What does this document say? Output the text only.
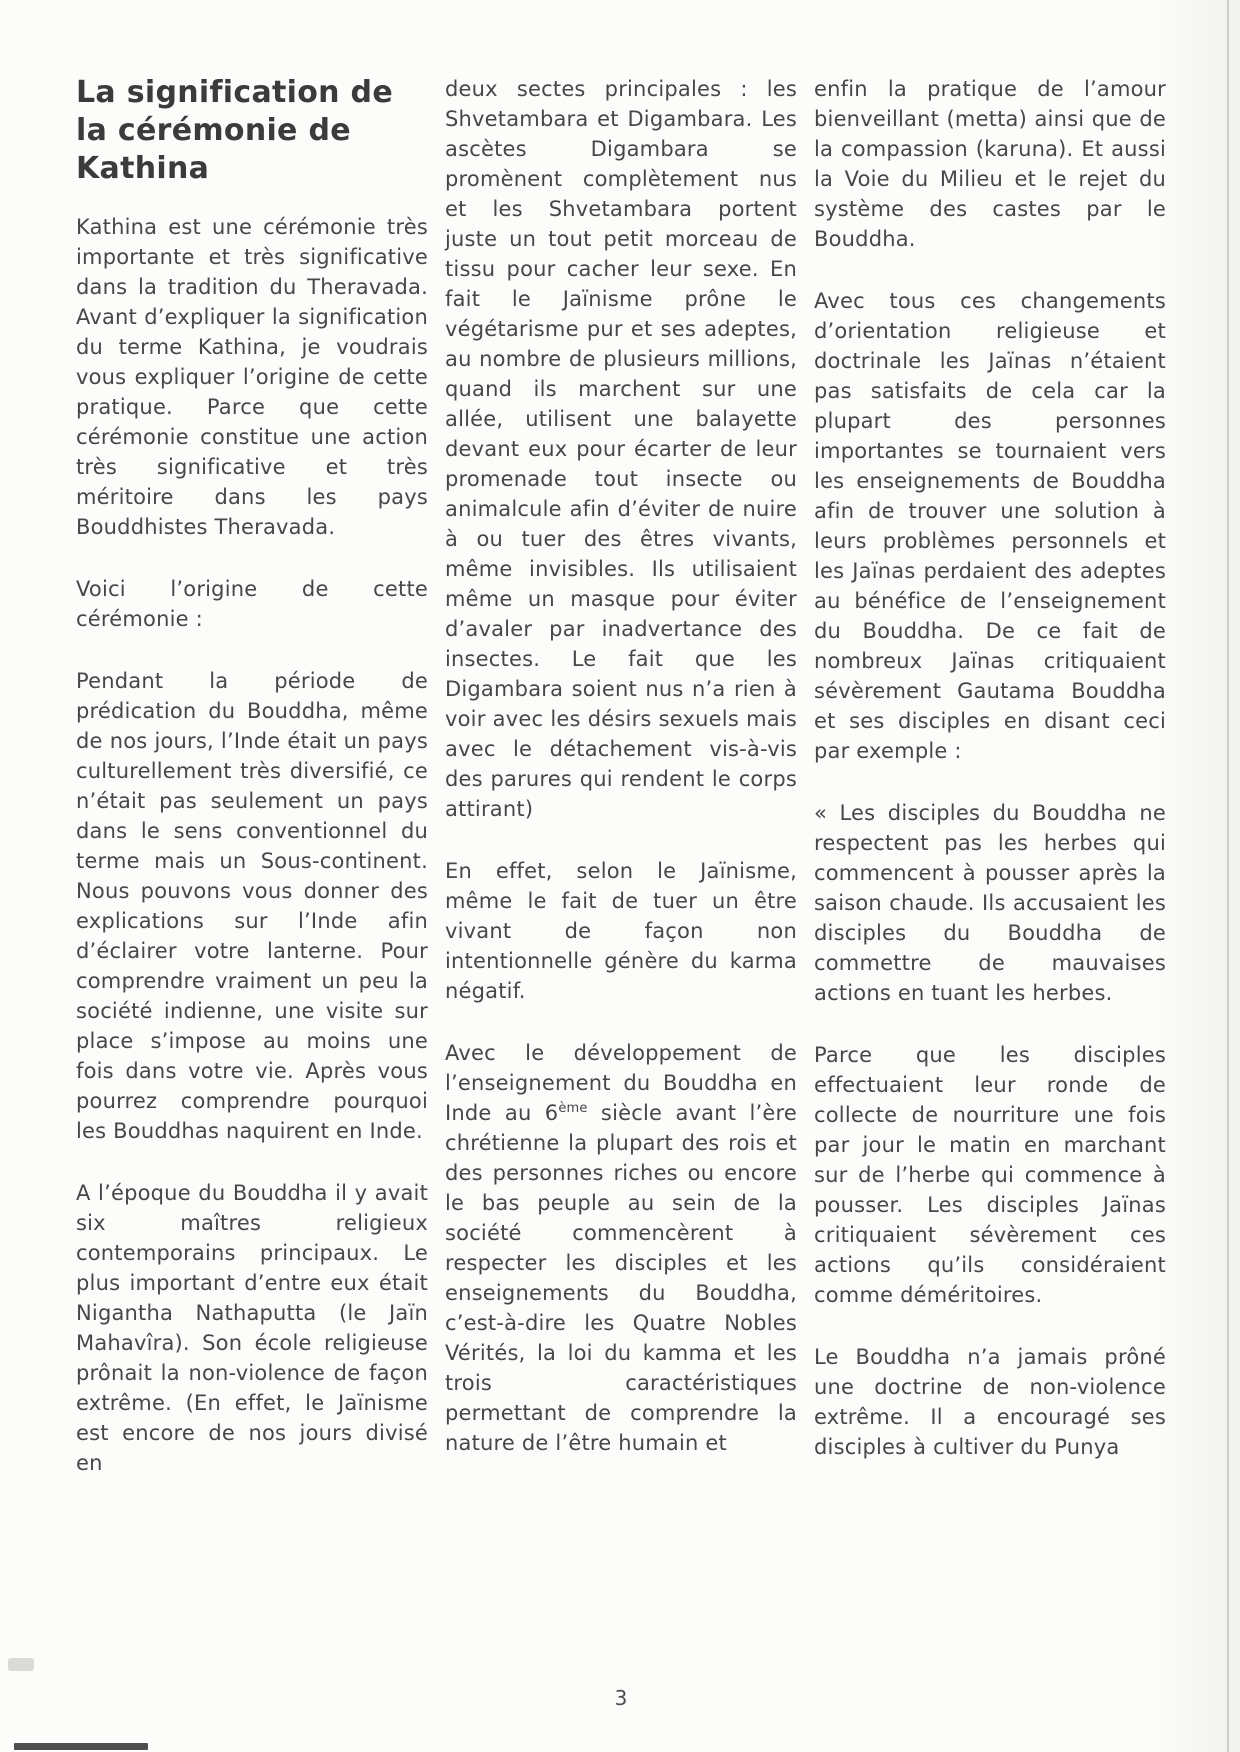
La signification de la cérémonie de Kathina

Kathina est une cérémonie très importante et très significative dans la tradition du Theravada. Avant d’expliquer la signification du terme Kathina, je voudrais vous expliquer l’origine de cette pratique. Parce que cette cérémonie constitue une action très significative et très méritoire dans les pays Bouddhistes Theravada.

Voici l’origine de cette cérémonie :

Pendant la période de prédication du Bouddha, même de nos jours, l’Inde était un pays culturellement très diversifié, ce n’était pas seulement un pays dans le sens conventionnel du terme mais un Sous-continent. Nous pouvons vous donner des explications sur l’Inde afin d’éclairer votre lanterne. Pour comprendre vraiment un peu la société indienne, une visite sur place s’impose au moins une fois dans votre vie. Après vous pourrez comprendre pourquoi les Bouddhas naquirent en Inde.

A l’époque du Bouddha il y avait six maîtres religieux contemporains principaux. Le plus important d’entre eux était Nigantha Nathaputta (le Jaïn Mahavîra). Son école religieuse prônait la non-violence de façon extrême. (En effet, le Jaïnisme est encore de nos jours divisé en

deux sectes principales : les Shvetambara et Digambara. Les ascètes Digambara se promènent complètement nus et les Shvetambara portent juste un tout petit morceau de tissu pour cacher leur sexe. En fait le Jaïnisme prône le végétarisme pur et ses adeptes, au nombre de plusieurs millions, quand ils marchent sur une allée, utilisent une balayette devant eux pour écarter de leur promenade tout insecte ou animalcule afin d’éviter de nuire à ou tuer des êtres vivants, même invisibles. Ils utilisaient même un masque pour éviter d’avaler par inadvertance des insectes. Le fait que les Digambara soient nus n’a rien à voir avec les désirs sexuels mais avec le détachement vis-à-vis des parures qui rendent le corps attirant)

En effet, selon le Jaïnisme, même le fait de tuer un être vivant de façon non intentionnelle génère du karma négatif.

Avec le développement de l’enseignement du Bouddha en Inde au 6ème siècle avant l’ère chrétienne la plupart des rois et des personnes riches ou encore le bas peuple au sein de la société commencèrent à respecter les disciples et les enseignements du Bouddha, c’est-à-dire les Quatre Nobles Vérités, la loi du kamma et les trois caractéristiques permettant de comprendre la nature de l’être humain et

enfin la pratique de l’amour bienveillant (metta) ainsi que de la compassion (karuna). Et aussi la Voie du Milieu et le rejet du système des castes par le Bouddha.

Avec tous ces changements d’orientation religieuse et doctrinale les Jaïnas n’étaient pas satisfaits de cela car la plupart des personnes importantes se tournaient vers les enseignements de Bouddha afin de trouver une solution à leurs problèmes personnels et les Jaïnas perdaient des adeptes au bénéfice de l’enseignement du Bouddha. De ce fait de nombreux Jaïnas critiquaient sévèrement Gautama Bouddha et ses disciples en disant ceci par exemple :

« Les disciples du Bouddha ne respectent pas les herbes qui commencent à pousser après la saison chaude. Ils accusaient les disciples du Bouddha de commettre de mauvaises actions en tuant les herbes.

Parce que les disciples effectuaient leur ronde de collecte de nourriture une fois par jour le matin en marchant sur de l’herbe qui commence à pousser. Les disciples Jaïnas critiquaient sévèrement ces actions qu’ils considéraient comme déméritoires.

Le Bouddha n’a jamais prôné une doctrine de non-violence extrême. Il a encouragé ses disciples à cultiver du Punya

3
